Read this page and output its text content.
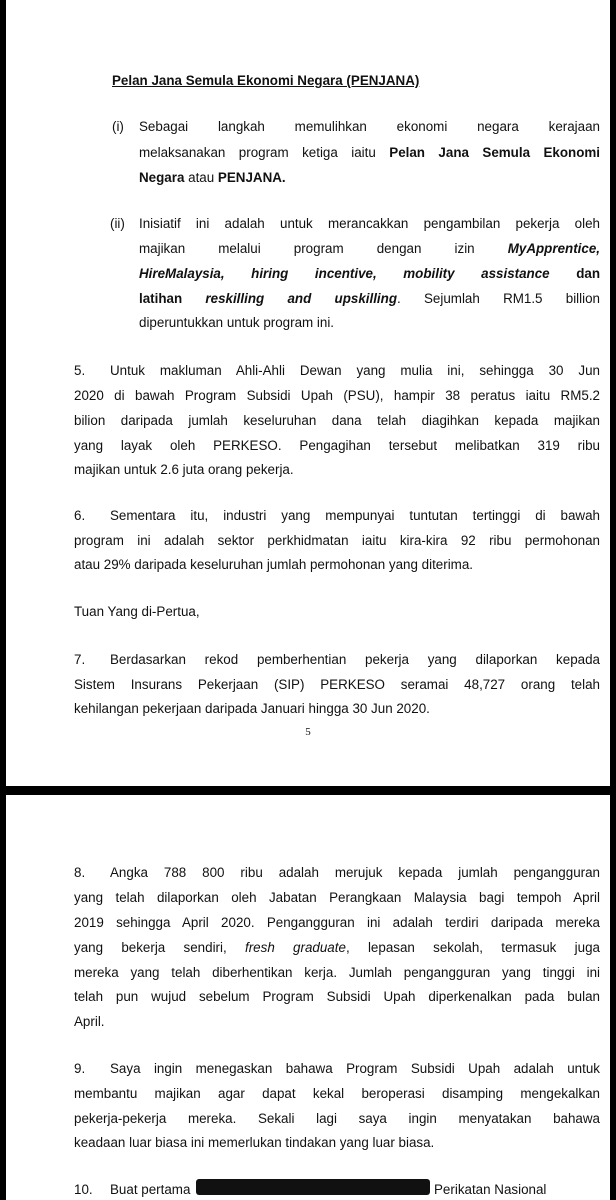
Pelan Jana Semula Ekonomi Negara (PENJANA)
(i) Sebagai langkah memulihkan ekonomi negara kerajaan
melaksanakan program ketiga iaitu Pelan Jana Semula Ekonomi
Negara atau PENJANA.
(ii) Inisiatif ini adalah untuk merancakkan pengambilan pekerja oleh
majikan melalui program dengan izin MyApprentice,
HireMalaysia, hiring incentive, mobility assistance dan
latihan reskilling and upskilling. Sejumlah RM1.5 billion
diperuntukkan untuk program ini.
5. Untuk makluman Ahli-Ahli Dewan yang mulia ini, sehingga 30 Jun
2020 di bawah Program Subsidi Upah (PSU), hampir 38 peratus iaitu RM5.2
bilion daripada jumlah keseluruhan dana telah diagihkan kepada majikan
yang layak oleh PERKESO. Pengagihan tersebut melibatkan 319 ribu
majikan untuk 2.6 juta orang pekerja.
6. Sementara itu, industri yang mempunyai tuntutan tertinggi di bawah
program ini adalah sektor perkhidmatan iaitu kira-kira 92 ribu permohonan
atau 29% daripada keseluruhan jumlah permohonan yang diterima.
Tuan Yang di-Pertua,
7. Berdasarkan rekod pemberhentian pekerja yang dilaporkan kepada
Sistem Insurans Pekerjaan (SIP) PERKESO seramai 48,727 orang telah
kehilangan pekerjaan daripada Januari hingga 30 Jun 2020.
5
8. Angka 788 800 ribu adalah merujuk kepada jumlah pengangguran
yang telah dilaporkan oleh Jabatan Perangkaan Malaysia bagi tempoh April
2019 sehingga April 2020. Pengangguran ini adalah terdiri daripada mereka
yang bekerja sendiri, fresh graduate, lepasan sekolah, termasuk juga
mereka yang telah diberhentikan kerja. Jumlah pengangguran yang tinggi ini
telah pun wujud sebelum Program Subsidi Upah diperkenalkan pada bulan
April.
9. Saya ingin menegaskan bahawa Program Subsidi Upah adalah untuk
membantu majikan agar dapat kekal beroperasi disamping mengekalkan
pekerja-pekerja mereka. Sekali lagi saya ingin menyatakan bahawa
keadaan luar biasa ini memerlukan tindakan yang luar biasa.
10. Buat pertama	Perikatan Nasional
